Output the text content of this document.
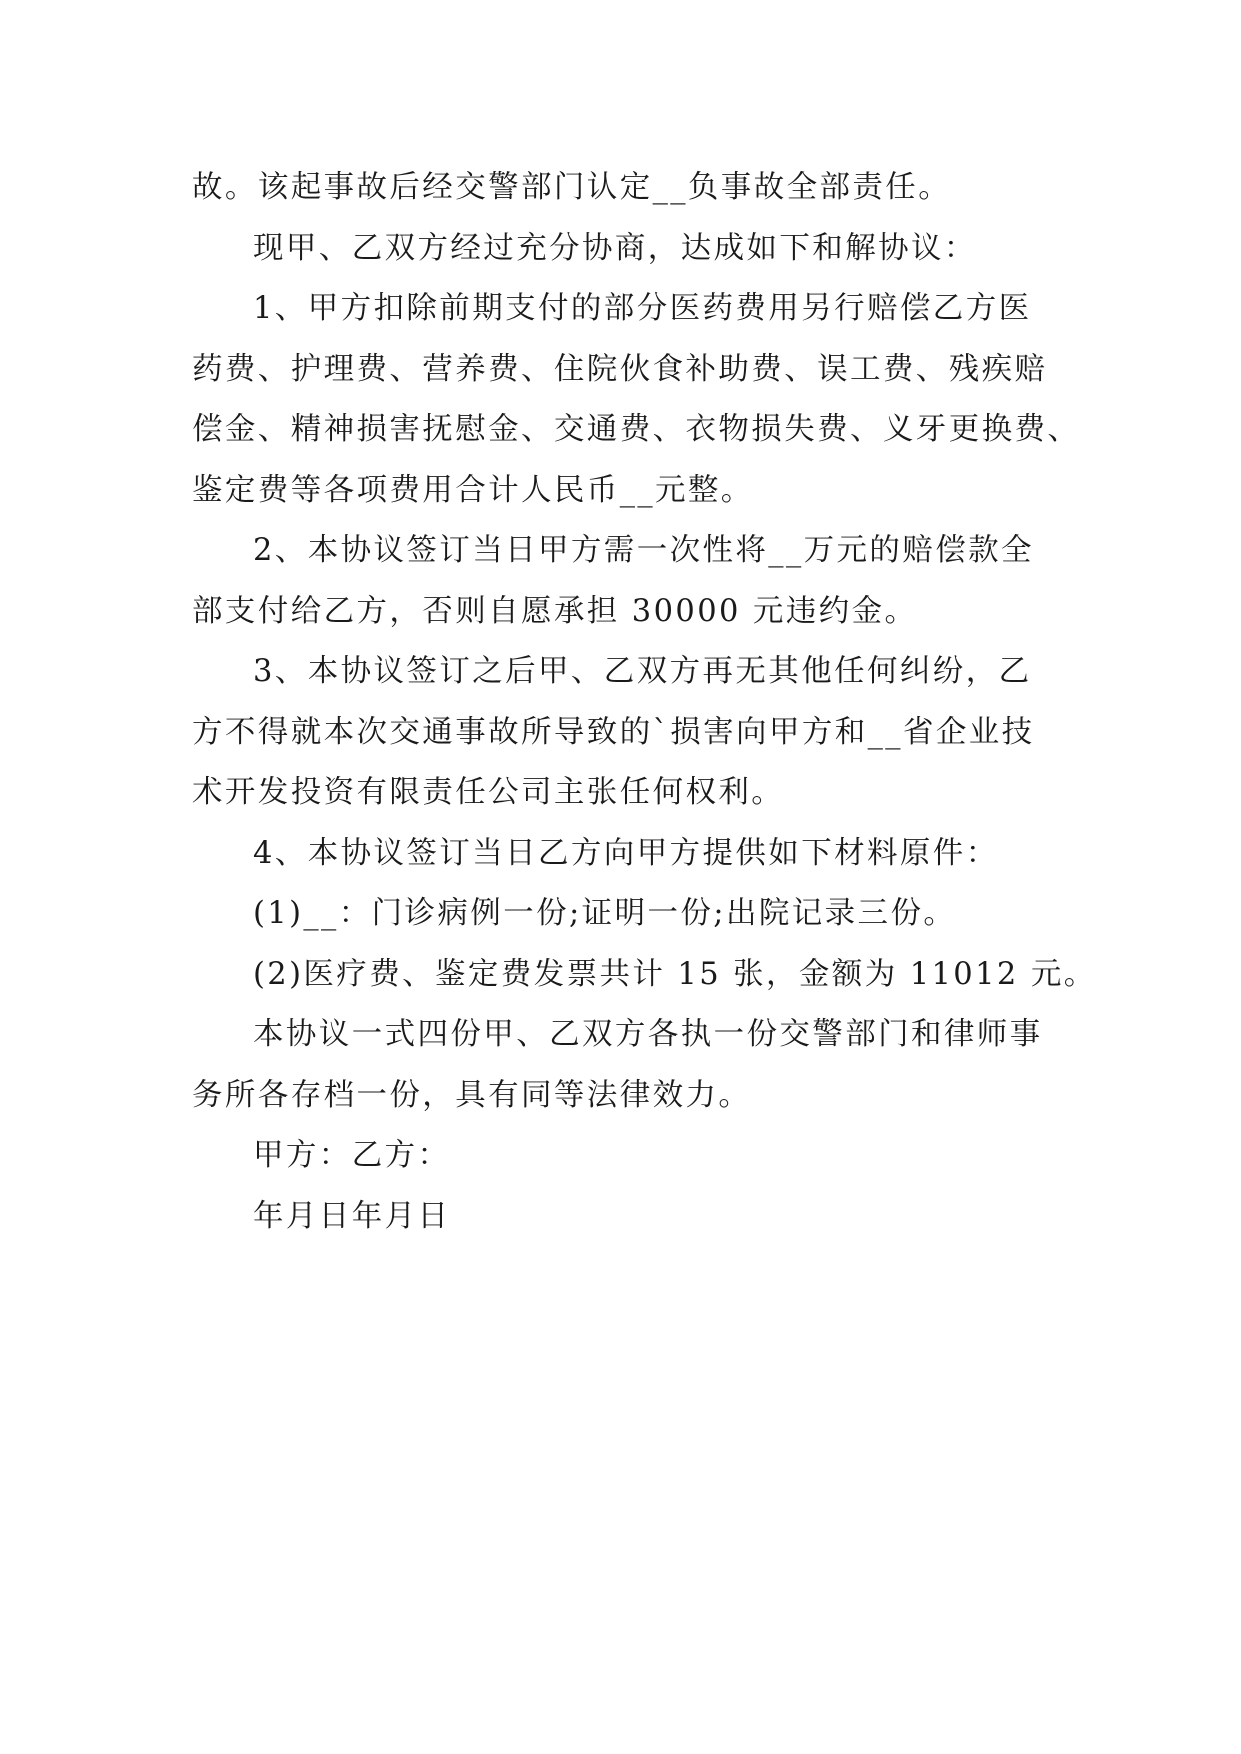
故。该起事故后经交警部门认定__负事故全部责任。
现甲、乙双方经过充分协商，达成如下和解协议：
1、甲方扣除前期支付的部分医药费用另行赔偿乙方医
药费、护理费、营养费、住院伙食补助费、误工费、残疾赔
偿金、精神损害抚慰金、交通费、衣物损失费、义牙更换费、
鉴定费等各项费用合计人民币__元整。
2、本协议签订当日甲方需一次性将__万元的赔偿款全
部支付给乙方，否则自愿承担 30000 元违约金。
3、本协议签订之后甲、乙双方再无其他任何纠纷，乙
方不得就本次交通事故所导致的`损害向甲方和__省企业技
术开发投资有限责任公司主张任何权利。
4、本协议签订当日乙方向甲方提供如下材料原件：
(1)__：门诊病例一份;证明一份;出院记录三份。
(2)医疗费、鉴定费发票共计 15 张，金额为 11012 元。
本协议一式四份甲、乙双方各执一份交警部门和律师事
务所各存档一份，具有同等法律效力。
甲方：乙方：
年月日年月日
